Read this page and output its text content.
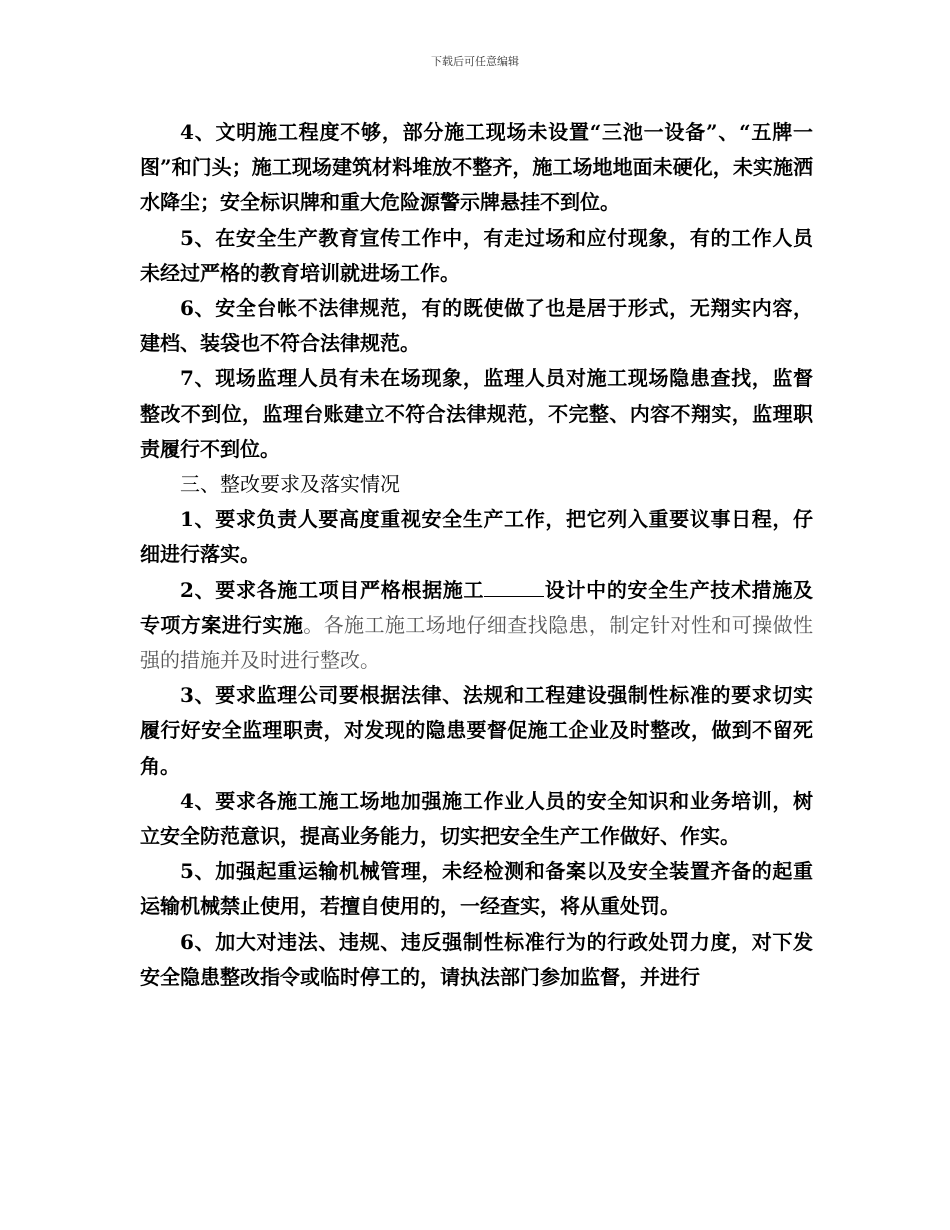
下载后可任意编辑

4、文明施工程度不够，部分施工现场未设置“三池一设备”、“五牌一图”和门头；施工现场建筑材料堆放不整齐，施工场地地面未硬化，未实施洒水降尘；安全标识牌和重大危险源警示牌悬挂不到位。

5、在安全生产教育宣传工作中，有走过场和应付现象，有的工作人员未经过严格的教育培训就进场工作。

6、安全台帐不法律规范，有的既使做了也是居于形式，无翔实内容，建档、装袋也不符合法律规范。

7、现场监理人员有未在场现象，监理人员对施工现场隐患查找，监督整改不到位，监理台账建立不符合法律规范，不完整、内容不翔实，监理职责履行不到位。

三、整改要求及落实情况

1、要求负责人要高度重视安全生产工作，把它列入重要议事日程，仔细进行落实。

2、要求各施工项目严格根据施工	设计中的安全生产技术措施及专项方案进行实施。各施工施工场地仔细查找隐患，制定针对性和可操做性强的措施并及时进行整改。

3、要求监理公司要根据法律、法规和工程建设强制性标准的要求切实履行好安全监理职责，对发现的隐患要督促施工企业及时整改，做到不留死角。

4、要求各施工施工场地加强施工作业人员的安全知识和业务培训，树立安全防范意识，提高业务能力，切实把安全生产工作做好、作实。

5、加强起重运输机械管理，未经检测和备案以及安全装置齐备的起重运输机械禁止使用，若擅自使用的，一经查实，将从重处罚。

6、加大对违法、违规、违反强制性标准行为的行政处罚力度，对下发安全隐患整改指令或临时停工的，请执法部门参加监督，并进行
